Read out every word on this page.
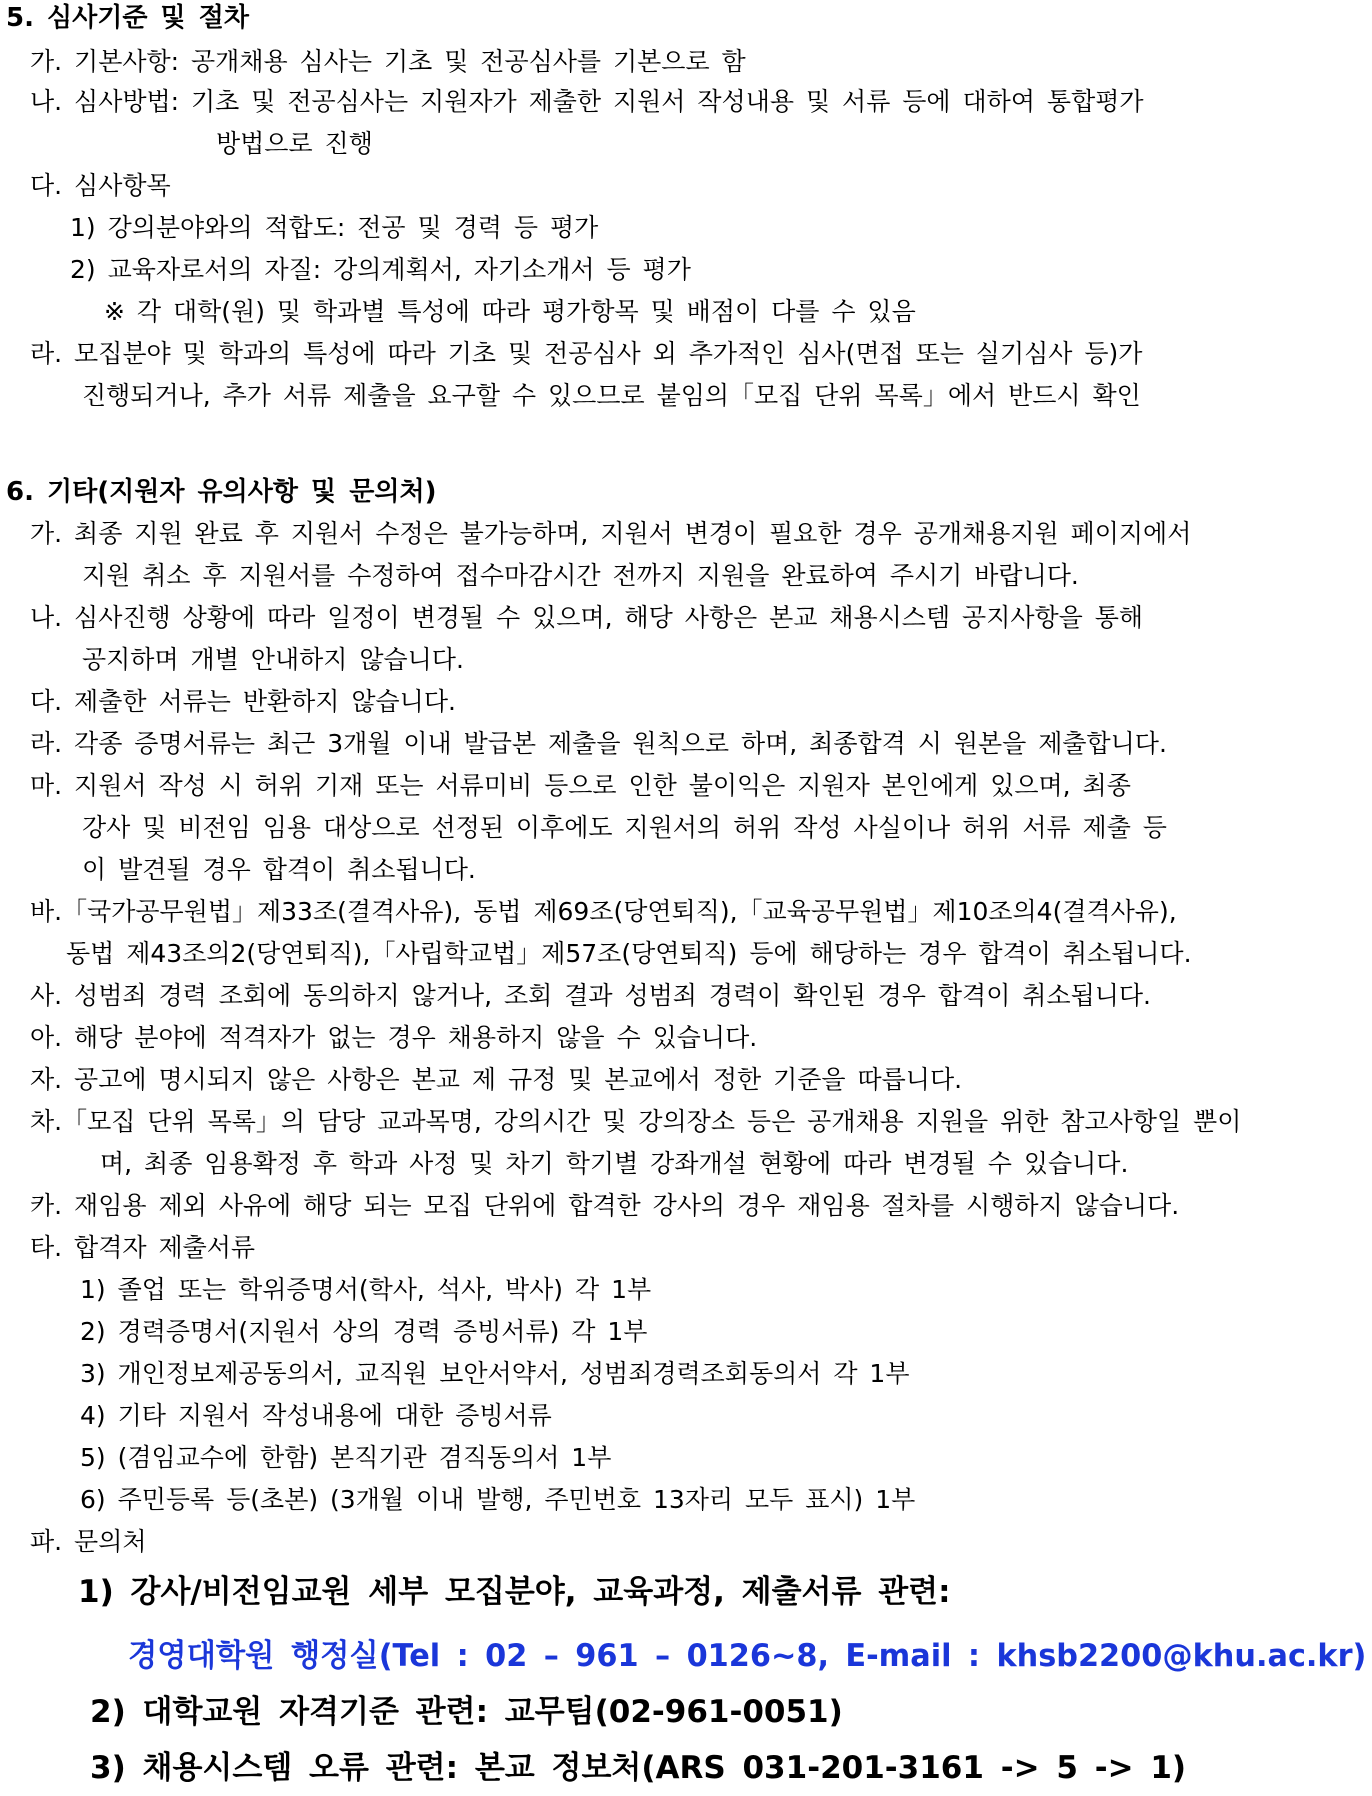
5. 심사기준 및 절차
가. 기본사항: 공개채용 심사는 기초 및 전공심사를 기본으로 함
나. 심사방법: 기초 및 전공심사는 지원자가 제출한 지원서 작성내용 및 서류 등에 대하여 통합평가
방법으로 진행
다. 심사항목
1) 강의분야와의 적합도: 전공 및 경력 등 평가
2) 교육자로서의 자질: 강의계획서, 자기소개서 등 평가
※ 각 대학(원) 및 학과별 특성에 따라 평가항목 및 배점이 다를 수 있음
라. 모집분야 및 학과의 특성에 따라 기초 및 전공심사 외 추가적인 심사(면접 또는 실기심사 등)가
진행되거나, 추가 서류 제출을 요구할 수 있으므로 붙임의「모집 단위 목록」에서 반드시 확인
6. 기타(지원자 유의사항 및 문의처)
가. 최종 지원 완료 후 지원서 수정은 불가능하며, 지원서 변경이 필요한 경우 공개채용지원 페이지에서
지원 취소 후 지원서를 수정하여 접수마감시간 전까지 지원을 완료하여 주시기 바랍니다.
나. 심사진행 상황에 따라 일정이 변경될 수 있으며, 해당 사항은 본교 채용시스템 공지사항을 통해
공지하며 개별 안내하지 않습니다.
다. 제출한 서류는 반환하지 않습니다.
라. 각종 증명서류는 최근 3개월 이내 발급본 제출을 원칙으로 하며, 최종합격 시 원본을 제출합니다.
마. 지원서 작성 시 허위 기재 또는 서류미비 등으로 인한 불이익은 지원자 본인에게 있으며, 최종
강사 및 비전임 임용 대상으로 선정된 이후에도 지원서의 허위 작성 사실이나 허위 서류 제출 등
이 발견될 경우 합격이 취소됩니다.
바.「국가공무원법」제33조(결격사유), 동법 제69조(당연퇴직),「교육공무원법」제10조의4(결격사유),
동법 제43조의2(당연퇴직),「사립학교법」제57조(당연퇴직) 등에 해당하는 경우 합격이 취소됩니다.
사. 성범죄 경력 조회에 동의하지 않거나, 조회 결과 성범죄 경력이 확인된 경우 합격이 취소됩니다.
아. 해당 분야에 적격자가 없는 경우 채용하지 않을 수 있습니다.
자. 공고에 명시되지 않은 사항은 본교 제 규정 및 본교에서 정한 기준을 따릅니다.
차.「모집 단위 목록」의 담당 교과목명, 강의시간 및 강의장소 등은 공개채용 지원을 위한 참고사항일 뿐이
며, 최종 임용확정 후 학과 사정 및 차기 학기별 강좌개설 현황에 따라 변경될 수 있습니다.
카. 재임용 제외 사유에 해당 되는 모집 단위에 합격한 강사의 경우 재임용 절차를 시행하지 않습니다.
타. 합격자 제출서류
1) 졸업 또는 학위증명서(학사, 석사, 박사) 각 1부
2) 경력증명서(지원서 상의 경력 증빙서류) 각 1부
3) 개인정보제공동의서, 교직원 보안서약서, 성범죄경력조회동의서 각 1부
4) 기타 지원서 작성내용에 대한 증빙서류
5) (겸임교수에 한함) 본직기관 겸직동의서 1부
6) 주민등록 등(초본) (3개월 이내 발행, 주민번호 13자리 모두 표시) 1부
파. 문의처
1) 강사/비전임교원 세부 모집분야, 교육과정, 제출서류 관련:
경영대학원 행정실(Tel : 02 – 961 – 0126~8, E-mail : khsb2200@khu.ac.kr)
2) 대학교원 자격기준 관련: 교무팀(02-961-0051)
3) 채용시스템 오류 관련: 본교 정보처(ARS 031-201-3161 -> 5 -> 1)
